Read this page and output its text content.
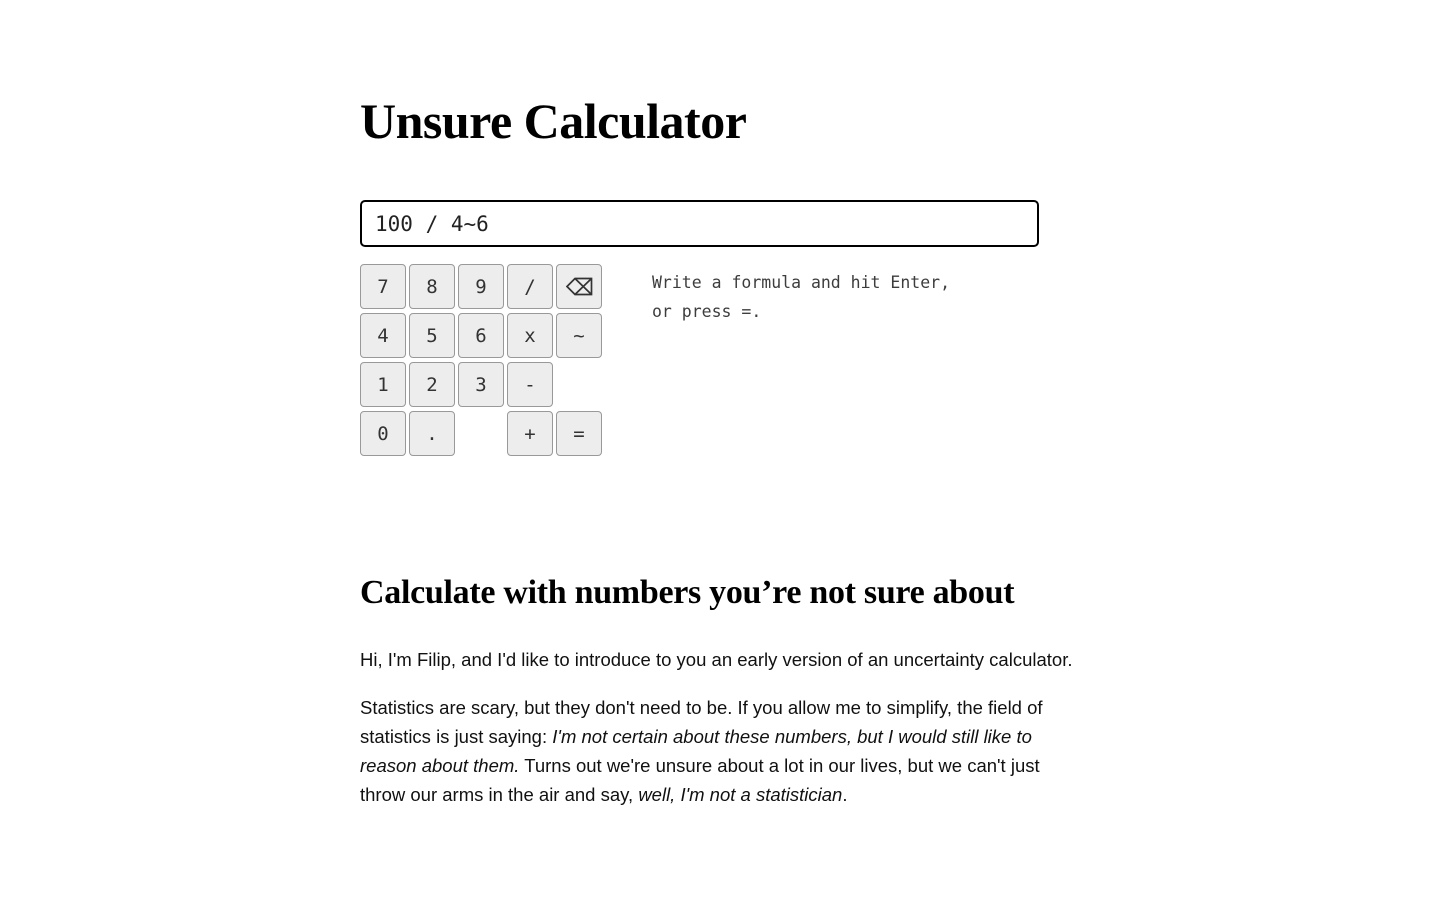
Unsure Calculator
100 / 4~6
7	8	9	/
4	5	6	x	~
1	2	3	-
0	.	+	=
Write a formula and hit Enter,
or press =.
Calculate with numbers you’re not sure about

Hi, I'm Filip, and I'd like to introduce to you an early version of an uncertainty calculator.

Statistics are scary, but they don't need to be. If you allow me to simplify, the field of statistics is just saying: I'm not certain about these numbers, but I would still like to reason about them. Turns out we're unsure about a lot in our lives, but we can't just throw our arms in the air and say, well, I'm not a statistician.
